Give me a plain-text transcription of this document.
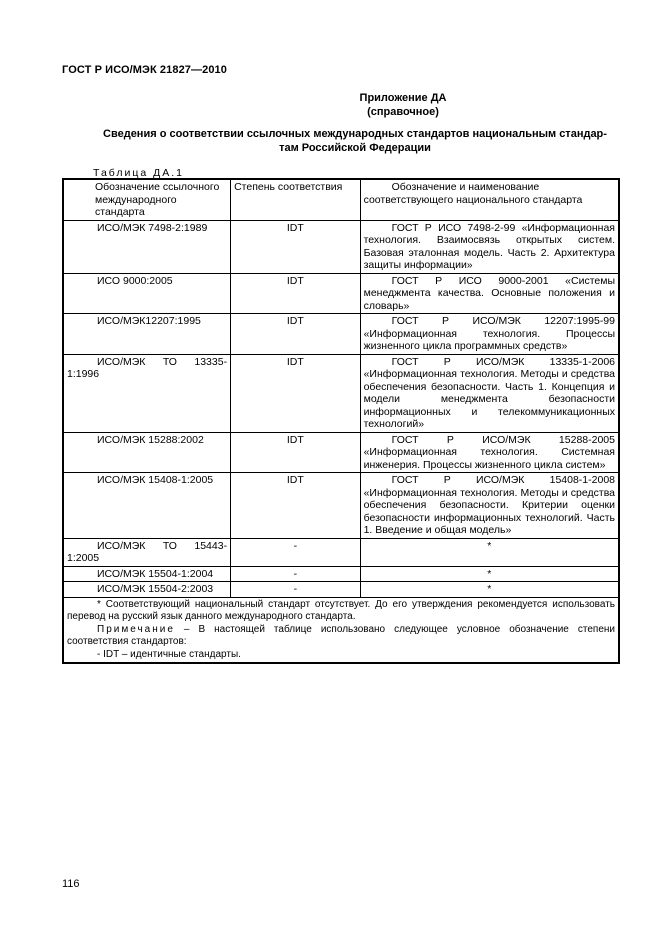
ГОСТ Р ИСО/МЭК 21827—2010
Приложение ДА
(справочное)
Сведения о соответствии ссылочных международных стандартов национальным стандар-
там Российской Федерации
Таблица ДА.1
Обозначение ссылочного международного стандарта	Степень соответствия	Обозначение и наименование соответствующего национального стандарта
ИСО/МЭК 7498-2:1989	IDT	ГОСТ Р ИСО 7498-2-99 «Информационная технология. Взаимосвязь открытых систем. Базовая эталонная модель. Часть 2. Архитектура защиты информации»
ИСО 9000:2005	IDT	ГОСТ Р ИСО 9000-2001 «Системы менеджмента качества. Основные положения и словарь»
ИСО/МЭК12207:1995	IDT	ГОСТ Р ИСО/МЭК 12207:1995-99 «Информационная технология. Процессы жизненного цикла программных средств»
ИСО/МЭК ТО 13335-1:1996	IDT	ГОСТ Р ИСО/МЭК 13335-1-2006 «Информационная технология. Методы и средства обеспечения безопасности. Часть 1. Концепция и модели менеджмента безопасности информационных и телекоммуникационных технологий»
ИСО/МЭК 15288:2002	IDT	ГОСТ Р ИСО/МЭК 15288-2005 «Информационная технология. Системная инженерия. Процессы жизненного цикла систем»
ИСО/МЭК 15408-1:2005	IDT	ГОСТ Р ИСО/МЭК 15408-1-2008 «Информационная технология. Методы и средства обеспечения безопасности. Критерии оценки безопасности информационных технологий. Часть 1. Введение и общая модель»
ИСО/МЭК ТО 15443-1:2005	-	*
ИСО/МЭК 15504-1:2004	-	*
ИСО/МЭК 15504-2:2003	-	*

* Соответствующий национальный стандарт отсутствует. До его утверждения рекомендуется использовать перевод на русский язык данного международного стандарта.

Примечание – В настоящей таблице использовано следующее условное обозначение степени соответствия стандартов:

- IDT – идентичные стандарты.		

116
